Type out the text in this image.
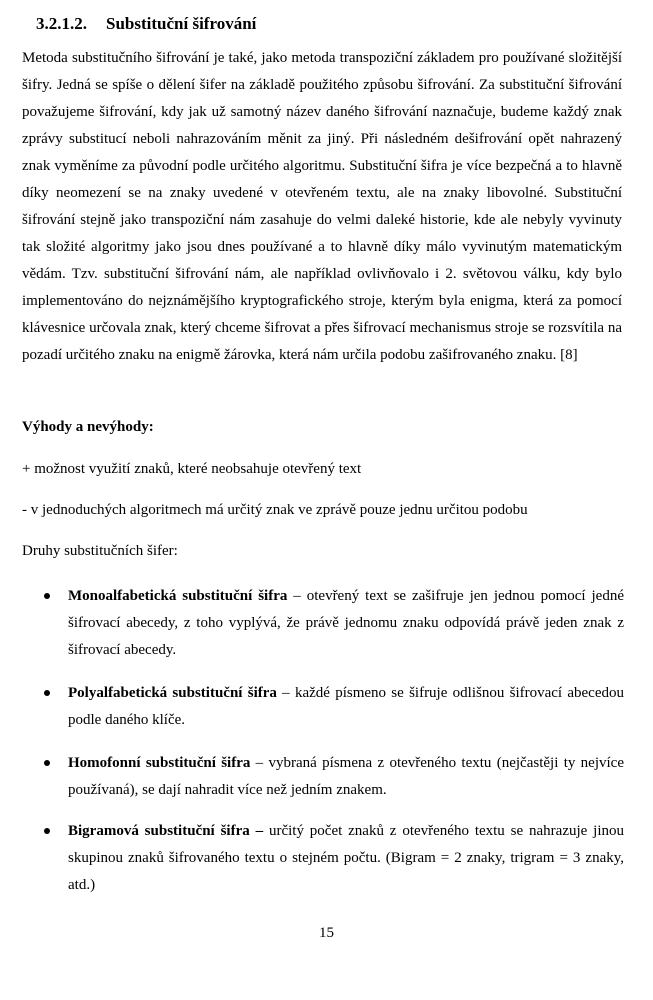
3.2.1.2. Substituční šifrování
Metoda substitučního šifrování je také, jako metoda transpoziční základem pro používané složitější šifry. Jedná se spíše o dělení šifer na základě použitého způsobu šifrování. Za substituční šifrování považujeme šifrování, kdy jak už samotný název daného šifrování naznačuje, budeme každý znak zprávy substitucí neboli nahrazováním měnit za jiný. Při následném dešifrování opět nahrazený znak vyměníme za původní podle určitého algoritmu. Substituční šifra je více bezpečná a to hlavně díky neomezení se na znaky uvedené v otevřeném textu, ale na znaky libovolné. Substituční šifrování stejně jako transpoziční nám zasahuje do velmi daleké historie, kde ale nebyly vyvinuty tak složité algoritmy jako jsou dnes používané a to hlavně díky málo vyvinutým matematickým vědám. Tzv. substituční šifrování nám, ale například ovlivňovalo i 2. světovou válku, kdy bylo implementováno do nejznámějšího kryptografického stroje, kterým byla enigma, která za pomocí klávesnice určovala znak, který chceme šifrovat a přes šifrovací mechanismus stroje se rozsvítila na pozadí určitého znaku na enigmě žárovka, která nám určila podobu zašifrovaného znaku. [8]
Výhody a nevýhody:
+ možnost využití znaků, které neobsahuje otevřený text
- v jednoduchých algoritmech má určitý znak ve zprávě pouze jednu určitou podobu
Druhy substitučních šifer:
Monoalfabetická substituční šifra – otevřený text se zašifruje jen jednou pomocí jedné šifrovací abecedy, z toho vyplývá, že právě jednomu znaku odpovídá právě jeden znak z šifrovací abecedy.
Polyalfabetická substituční šifra – každé písmeno se šifruje odlišnou šifrovací abecedou podle daného klíče.
Homofonní substituční šifra – vybraná písmena z otevřeného textu (nejčastěji ty nejvíce používaná), se dají nahradit více než jedním znakem.
Bigramová substituční šifra – určitý počet znaků z otevřeného textu se nahrazuje jinou skupinou znaků šifrovaného textu o stejném počtu. (Bigram = 2 znaky, trigram = 3 znaky, atd.)
15
